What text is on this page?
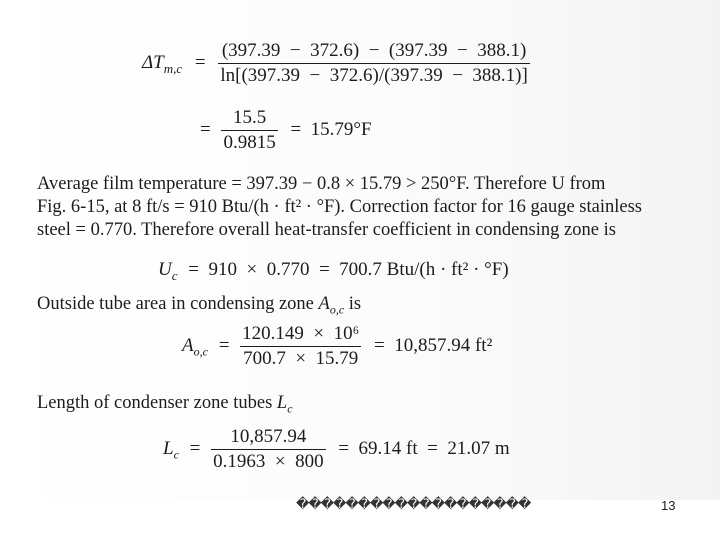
$\Delta T_{m,c} = \frac{(397.39 - 372.6) - (397.39 - 388.1)}{\ln[(397.39 - 372.6)/(397.39 - 388.1)]}$
= $\frac{15.5}{0.9815} = 15.79^\circ F$
Average film temperature = 397.39 − 0.8 × 15.79 > 250°F. Therefore U from
Fig. 6-15, at 8 ft/s = 910 Btu/(h · ft² · °F). Correction factor for 16 gauge stainless
steel = 0.770. Therefore overall heat-transfer coefficient in condensing zone is
$U_c = 910 \times 0.770 = 700.7$ Btu/(h · ft² · °F)
Outside tube area in condensing zone $A_{o,c}$ is
$A_{o,c} = \frac{\text{120.149  ×  10⁶}}{700.7 \times 15.79} = 10,857.94$ ft²
Length of condenser zone tubes $L_c$
$L_c = \frac{10,857.94}{0.1963 \times 800} = 69.14$ ft  =  21.07 m
�������������������	13
